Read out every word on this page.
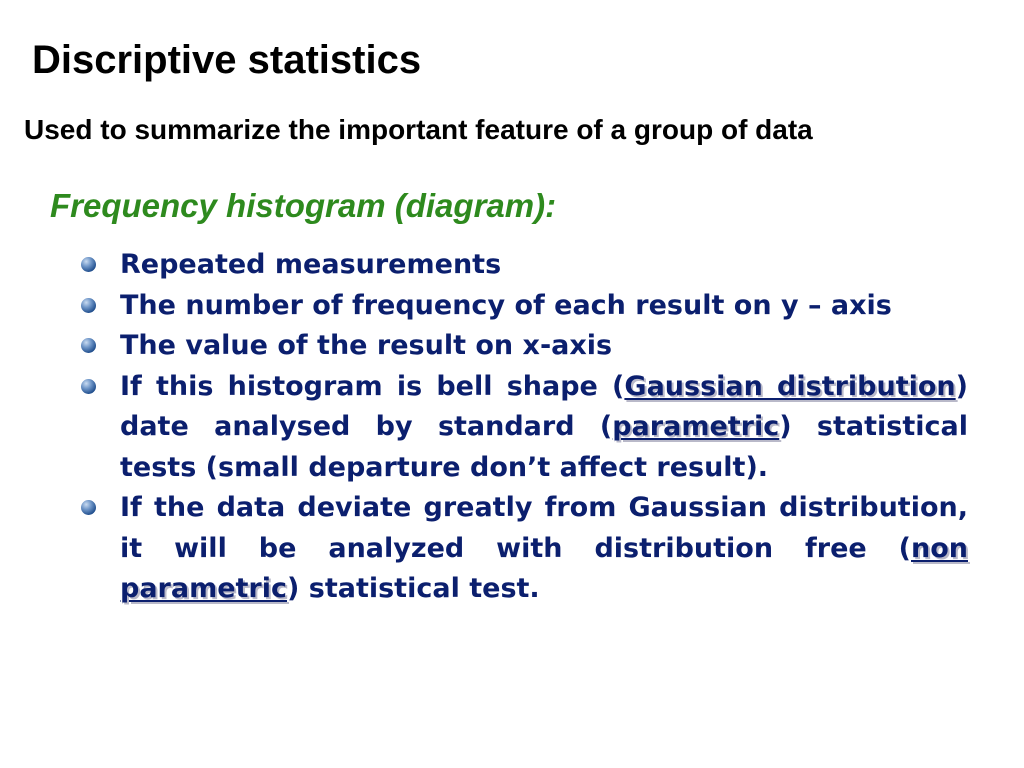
Discriptive statistics

Used to summarize the important feature of a group of data

Frequency histogram (diagram):
Repeated measurements
The number of frequency of each result on y – axis
The value of the result on x-axis
If this histogram is bell shape (Gaussian distribution) date analysed by standard (parametric) statistical tests (small departure don’t affect result).
If the data deviate greatly from Gaussian distribution, it will be analyzed with distribution free (non parametric) statistical test.
